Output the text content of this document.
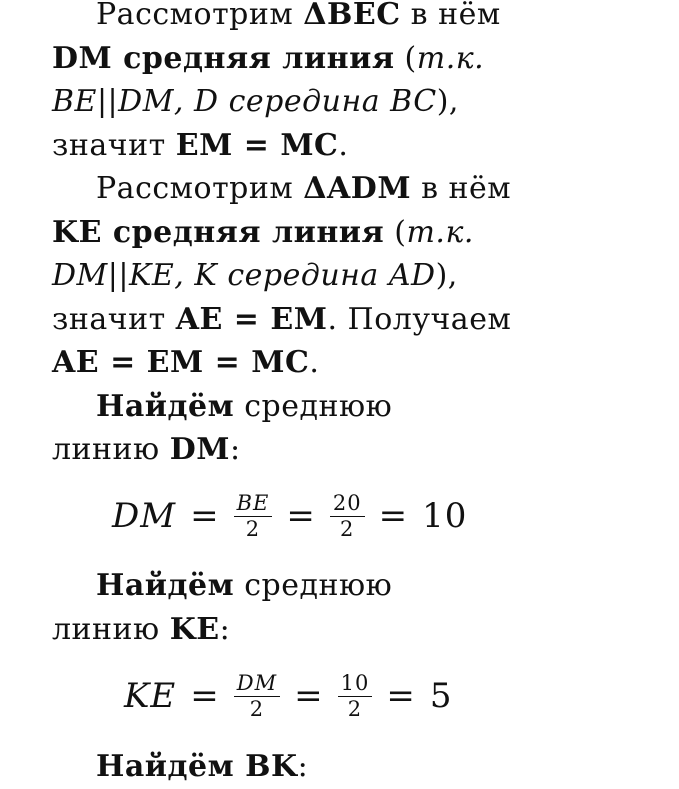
Рассмотрим ΔBEC в нём
DM средняя линия (т.к.
BE||DM, D середина BC),
значит EM = MC.
Рассмотрим ΔADM в нём
KE средняя линия (т.к.
DM||KE, K середина AD),
значит AE = EM. Получаем
AE = EM = MC.
Найдём среднюю
линию DM:
DM = $\frac{BE}{2} = \frac{20}{2} = 10$
Найдём среднюю
линию KE:
KE = $\frac{DM}{2} = \frac{10}{2} = 5$
Найдём BK:
